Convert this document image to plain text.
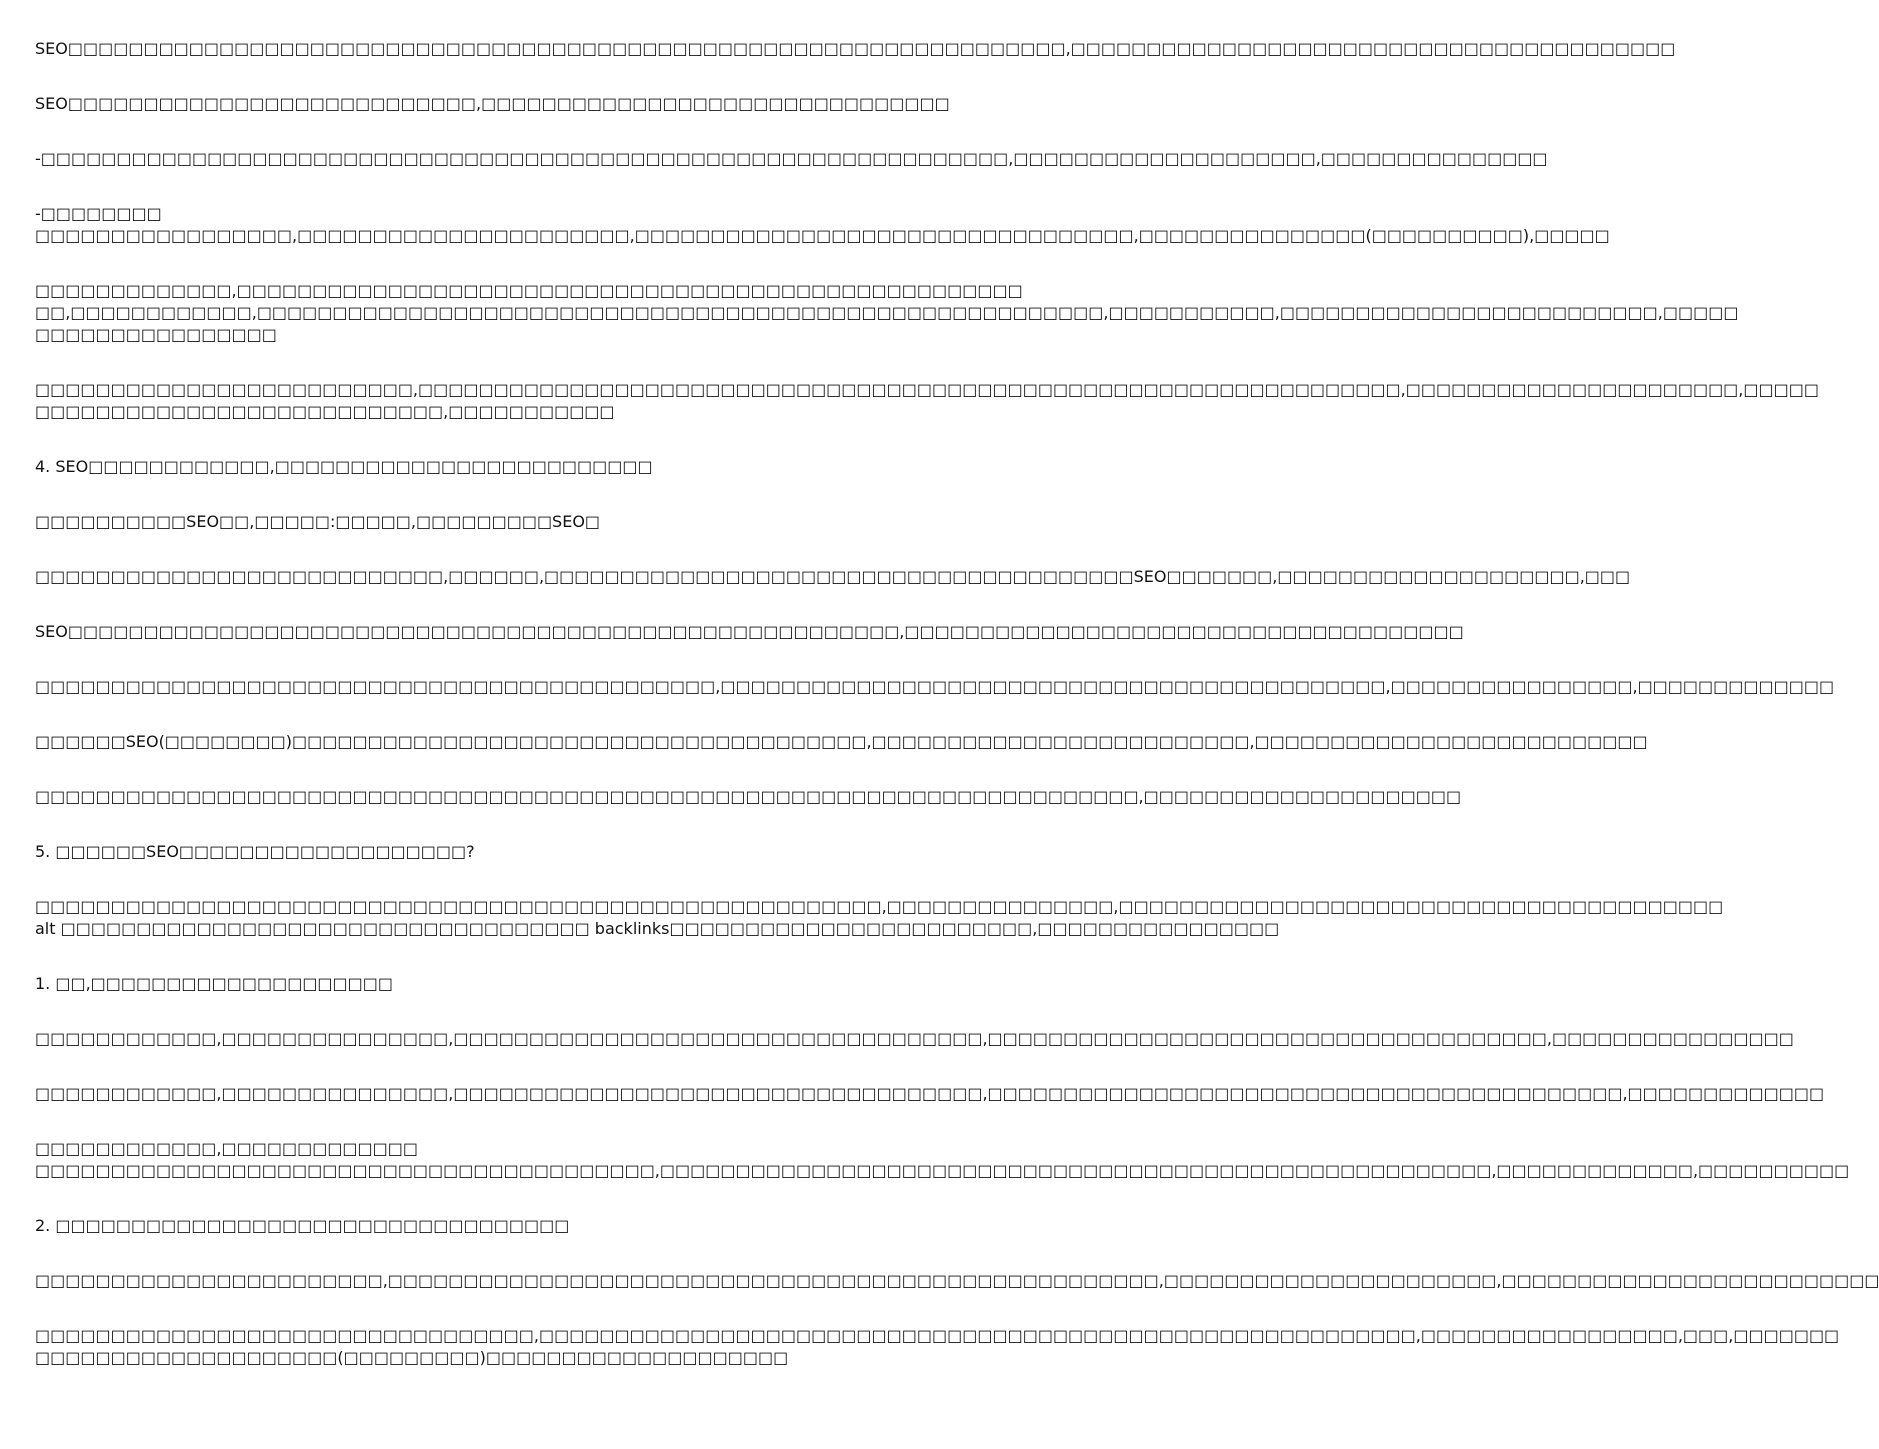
SEO□□□□□□□□□□□□□□□□□□□□□□□□□□□□□□□□□□□□□□□□□□□□□□□□□□□□□□□□□□□□□□□□□□,□□□□□□□□□□□□□□□□□□□□□□□□□□□□□□□□□□□□□□□□

SEO□□□□□□□□□□□□□□□□□□□□□□□□□□□,□□□□□□□□□□□□□□□□□□□□□□□□□□□□□□□

-□□□□□□□□□□□□□□□□□□□□□□□□□□□□□□□□□□□□□□□□□□□□□□□□□□□□□□□□□□□□□□□□,□□□□□□□□□□□□□□□□□□□□,□□□□□□□□□□□□□□□

-□□□□□□□□
□□□□□□□□□□□□□□□□□,□□□□□□□□□□□□□□□□□□□□□□,□□□□□□□□□□□□□□□□□□□□□□□□□□□□□□□□□,□□□□□□□□□□□□□□□(□□□□□□□□□□),□□□□□

□□□□□□□□□□□□□,□□□□□□□□□□□□□□□□□□□□□□□□□□□□□□□□□□□□□□□□□□□□□□□□□□□□
□□,□□□□□□□□□□□□,□□□□□□□□□□□□□□□□□□□□□□□□□□□□□□□□□□□□□□□□□□□□□□□□□□□□□□□□,□□□□□□□□□□□,□□□□□□□□□□□□□□□□□□□□□□□□□,□□□□□
□□□□□□□□□□□□□□□□

□□□□□□□□□□□□□□□□□□□□□□□□□,□□□□□□□□□□□□□□□□□□□□□□□□□□□□□□□□□□□□□□□□□□□□□□□□□□□□□□□□□□□□□□□□□,□□□□□□□□□□□□□□□□□□□□□□,□□□□□
□□□□□□□□□□□□□□□□□□□□□□□□□□□,□□□□□□□□□□□

4. SEO□□□□□□□□□□□□,□□□□□□□□□□□□□□□□□□□□□□□□□

□□□□□□□□□□SEO□□,□□□□□:□□□□□,□□□□□□□□□SEO□

□□□□□□□□□□□□□□□□□□□□□□□□□□□,□□□□□□,□□□□□□□□□□□□□□□□□□□□□□□□□□□□□□□□□□□□□□□SEO□□□□□□□,□□□□□□□□□□□□□□□□□□□□,□□□

SEO□□□□□□□□□□□□□□□□□□□□□□□□□□□□□□□□□□□□□□□□□□□□□□□□□□□□□□□,□□□□□□□□□□□□□□□□□□□□□□□□□□□□□□□□□□□□□

□□□□□□□□□□□□□□□□□□□□□□□□□□□□□□□□□□□□□□□□□□□□□,□□□□□□□□□□□□□□□□□□□□□□□□□□□□□□□□□□□□□□□□□□□□,□□□□□□□□□□□□□□□□,□□□□□□□□□□□□□

□□□□□□SEO(□□□□□□□□)□□□□□□□□□□□□□□□□□□□□□□□□□□□□□□□□□□□□□□,□□□□□□□□□□□□□□□□□□□□□□□□□,□□□□□□□□□□□□□□□□□□□□□□□□□□

□□□□□□□□□□□□□□□□□□□□□□□□□□□□□□□□□□□□□□□□□□□□□□□□□□□□□□□□□□□□□□□□□□□□□□□□□,□□□□□□□□□□□□□□□□□□□□□

5. □□□□□□SEO□□□□□□□□□□□□□□□□□□□?

□□□□□□□□□□□□□□□□□□□□□□□□□□□□□□□□□□□□□□□□□□□□□□□□□□□□□□□□,□□□□□□□□□□□□□□□,□□□□□□□□□□□□□□□□□□□□□□□□□□□□□□□□□□□□□□□□
alt □□□□□□□□□□□□□□□□□□□□□□□□□□□□□□□□□□□ backlinks□□□□□□□□□□□□□□□□□□□□□□□□,□□□□□□□□□□□□□□□□

1. □□,□□□□□□□□□□□□□□□□□□□□

□□□□□□□□□□□□,□□□□□□□□□□□□□□□,□□□□□□□□□□□□□□□□□□□□□□□□□□□□□□□□□□□,□□□□□□□□□□□□□□□□□□□□□□□□□□□□□□□□□□□□□,□□□□□□□□□□□□□□□□

□□□□□□□□□□□□,□□□□□□□□□□□□□□□,□□□□□□□□□□□□□□□□□□□□□□□□□□□□□□□□□□□,□□□□□□□□□□□□□□□□□□□□□□□□□□□□□□□□□□□□□□□□□□,□□□□□□□□□□□□□

□□□□□□□□□□□□,□□□□□□□□□□□□□
□□□□□□□□□□□□□□□□□□□□□□□□□□□□□□□□□□□□□□□□□,□□□□□□□□□□□□□□□□□□□□□□□□□□□□□□□□□□□□□□□□□□□□□□□□□□□□□□□,□□□□□□□□□□□□□,□□□□□□□□□□

2. □□□□□□□□□□□□□□□□□□□□□□□□□□□□□□□□□□

□□□□□□□□□□□□□□□□□□□□□□□,□□□□□□□□□□□□□□□□□□□□□□□□□□□□□□□□□□□□□□□□□□□□□□□□□□□,□□□□□□□□□□□□□□□□□□□□□□,□□□□□□□□□□□□□□□□□□□□□□□□□

□□□□□□□□□□□□□□□□□□□□□□□□□□□□□□□□□,□□□□□□□□□□□□□□□□□□□□□□□□□□□□□□□□□□□□□□□□□□□□□□□□□□□□□□□□□□,□□□□□□□□□□□□□□□□□,□□□,□□□□□□□
□□□□□□□□□□□□□□□□□□□□(□□□□□□□□□)□□□□□□□□□□□□□□□□□□□□
